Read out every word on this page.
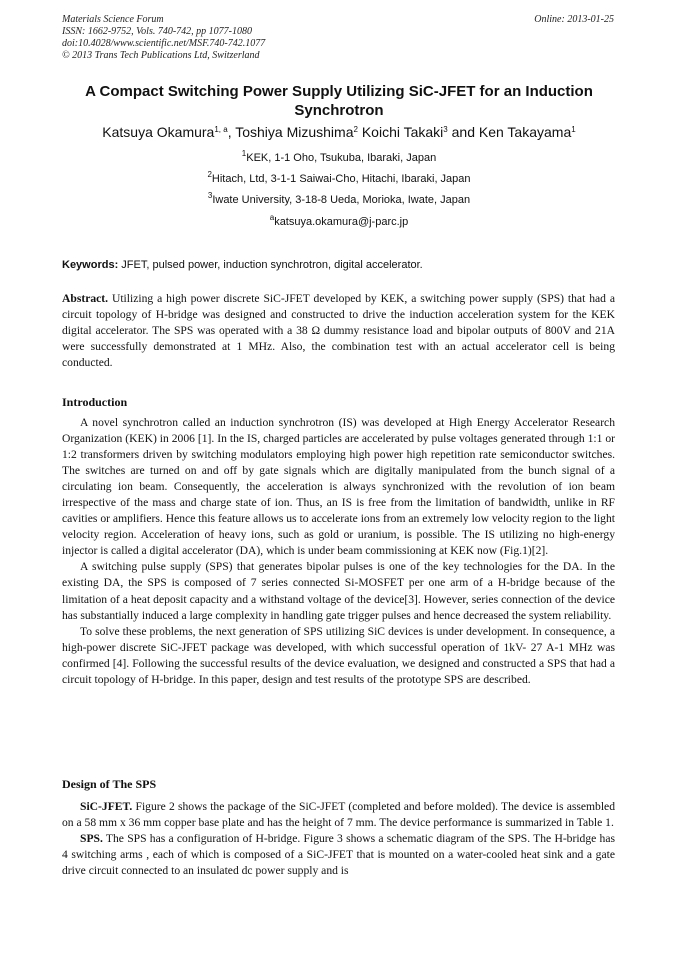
Materials Science Forum
ISSN: 1662-9752, Vols. 740-742, pp 1077-1080
doi:10.4028/www.scientific.net/MSF.740-742.1077
© 2013 Trans Tech Publications Ltd, Switzerland
Online: 2013-01-25
A Compact Switching Power Supply Utilizing SiC-JFET for an Induction
Synchrotron
Katsuya Okamura$^{1, a}$, Toshiya Mizushima$^2$ Koichi Takaki$^3$ and Ken Takayama$^1$
$^1$KEK, 1-1 Oho, Tsukuba, Ibaraki, Japan
$^2$Hitach, Ltd, 3-1-1 Saiwai-Cho, Hitachi, Ibaraki, Japan
$^3$Iwate University, 3-18-8 Ueda, Morioka, Iwate, Japan
$^a$katsuya.okamura@j-parc.jp
Keywords: JFET, pulsed power, induction synchrotron, digital accelerator.

Abstract. Utilizing a high power discrete SiC-JFET developed by KEK, a switching power supply (SPS) that had a circuit topology of H-bridge was designed and constructed to drive the induction acceleration system for the KEK digital accelerator. The SPS was operated with a 38 Ω dummy resistance load and bipolar outputs of 800V and 21A were successfully demonstrated at 1 MHz. Also, the combination test with an actual accelerator cell is being conducted.

Introduction

A novel synchrotron called an induction synchrotron (IS) was developed at High Energy Accelerator Research Organization (KEK) in 2006 [1]. In the IS, charged particles are accelerated by pulse voltages generated through 1:1 or 1:2 transformers driven by switching modulators employing high power high repetition rate semiconductor switches. The switches are turned on and off by gate signals which are digitally manipulated from the bunch signal of a circulating ion beam. Consequently, the acceleration is always synchronized with the revolution of ion beam irrespective of the mass and charge state of ion. Thus, an IS is free from the limitation of bandwidth, unlike in RF cavities or amplifiers. Hence this feature allows us to accelerate ions from an extremely low velocity region to the light velocity region. Acceleration of heavy ions, such as gold or uranium, is possible. The IS utilizing no high-energy injector is called a digital accelerator (DA), which is under beam commissioning at KEK now (Fig.1)[2].

A switching pulse supply (SPS) that generates bipolar pulses is one of the key technologies for the DA. In the existing DA, the SPS is composed of 7 series connected Si-MOSFET per one arm of a H-bridge because of the limitation of a heat deposit capacity and a withstand voltage of the device[3]. However, series connection of the device has substantially induced a large complexity in handling gate trigger pulses and hence decreased the system reliability.

To solve these problems, the next generation of SPS utilizing SiC devices is under development. In consequence, a high-power discrete SiC-JFET package was developed, with which successful operation of 1kV- 27 A-1 MHz was confirmed [4]. Following the successful results of the device evaluation, we designed and constructed a SPS that had a circuit topology of H-bridge. In this paper, design and test results of the prototype SPS are described.

Design of The SPS

SiC-JFET. Figure 2 shows the package of the SiC-JFET (completed and before molded). The device is assembled on a 58 mm x 36 mm copper base plate and has the height of 7 mm. The device performance is summarized in Table 1.

SPS. The SPS has a configuration of H-bridge. Figure 3 shows a schematic diagram of the SPS. The H-bridge has 4 switching arms , each of which is composed of a SiC-JFET that is mounted on a water-cooled heat sink and a gate drive circuit connected to an insulated dc power supply and is
